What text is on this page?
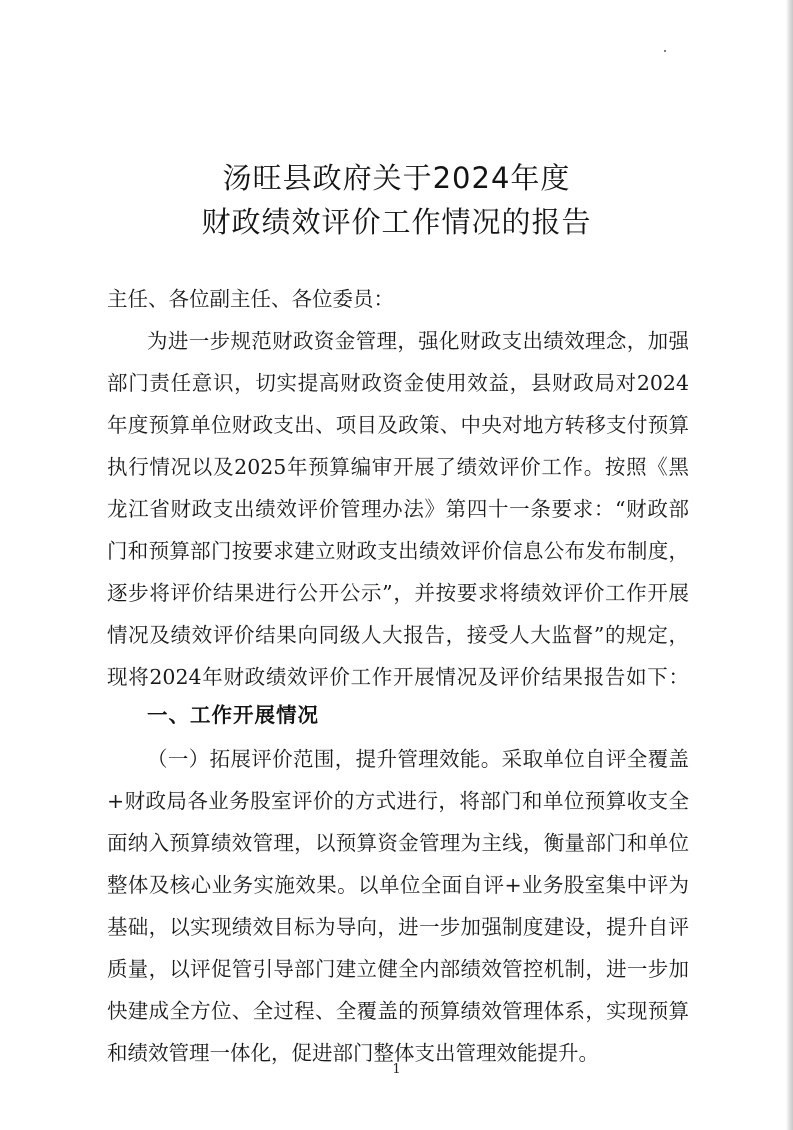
汤旺县政府关于2024年度
财政绩效评价工作情况的报告
主任、各位副主任、各位委员：
为进一步规范财政资金管理，强化财政支出绩效理念，加强
部门责任意识，切实提高财政资金使用效益，县财政局对2024
年度预算单位财政支出、项目及政策、中央对地方转移支付预算
执行情况以及2025年预算编审开展了绩效评价工作。按照《黑
龙江省财政支出绩效评价管理办法》第四十一条要求：“财政部
门和预算部门按要求建立财政支出绩效评价信息公布发布制度，
逐步将评价结果进行公开公示”，并按要求将绩效评价工作开展
情况及绩效评价结果向同级人大报告，接受人大监督”的规定，
现将2024年财政绩效评价工作开展情况及评价结果报告如下：
一、工作开展情况
（一）拓展评价范围，提升管理效能。采取单位自评全覆盖
+财政局各业务股室评价的方式进行，将部门和单位预算收支全
面纳入预算绩效管理，以预算资金管理为主线，衡量部门和单位
整体及核心业务实施效果。以单位全面自评+业务股室集中评为
基础，以实现绩效目标为导向，进一步加强制度建设，提升自评
质量，以评促管引导部门建立健全内部绩效管控机制，进一步加
快建成全方位、全过程、全覆盖的预算绩效管理体系，实现预算
和绩效管理一体化，促进部门整体支出管理效能提升。
1
